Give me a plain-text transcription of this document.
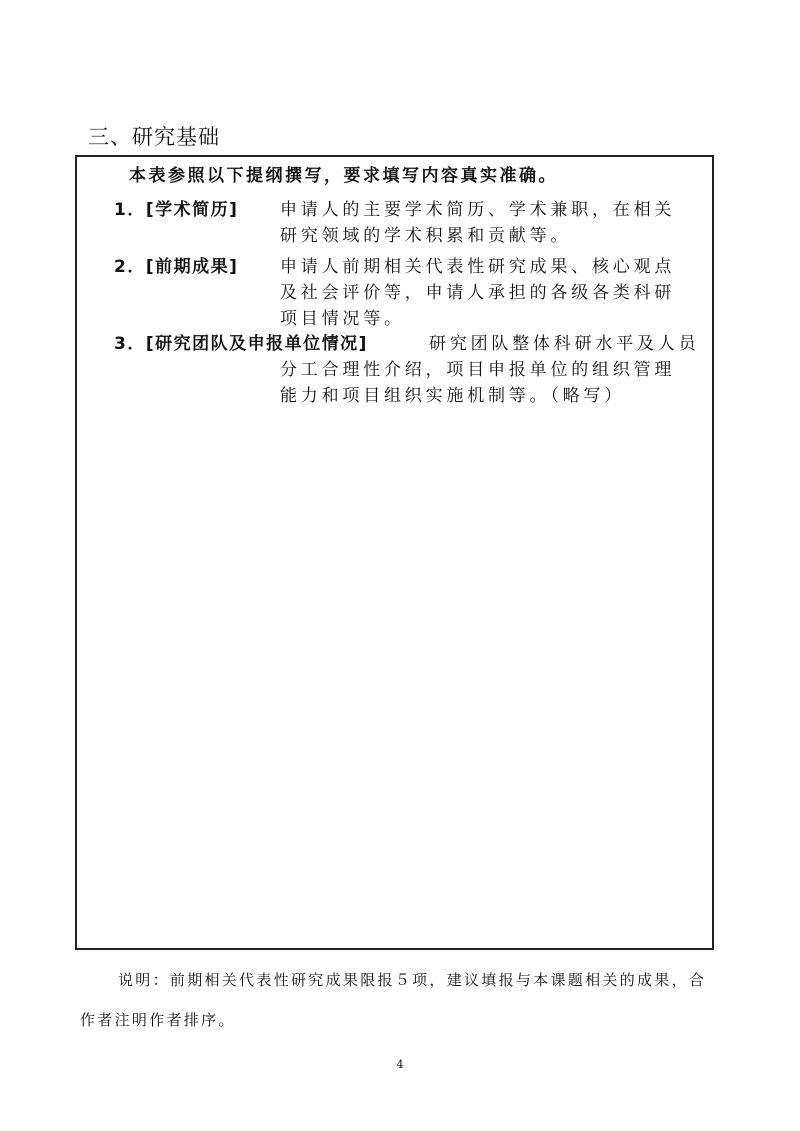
三、研究基础
本表参照以下提纲撰写，要求填写内容真实准确。
1．[学术简历] 申请人的主要学术简历、学术兼职，在相关研究领域的学术积累和贡献等。
2．[前期成果] 申请人前期相关代表性研究成果、核心观点及社会评价等，申请人承担的各级各类科研项目情况等。
3．[研究团队及申报单位情况]	研究团队整体科研水平及人员
分工合理性介绍，项目申报单位的组织管理能力和项目组织实施机制等。（略写）
说明：前期相关代表性研究成果限报５项，建议填报与本课题相关的成果，合作者注明作者排序。
4
